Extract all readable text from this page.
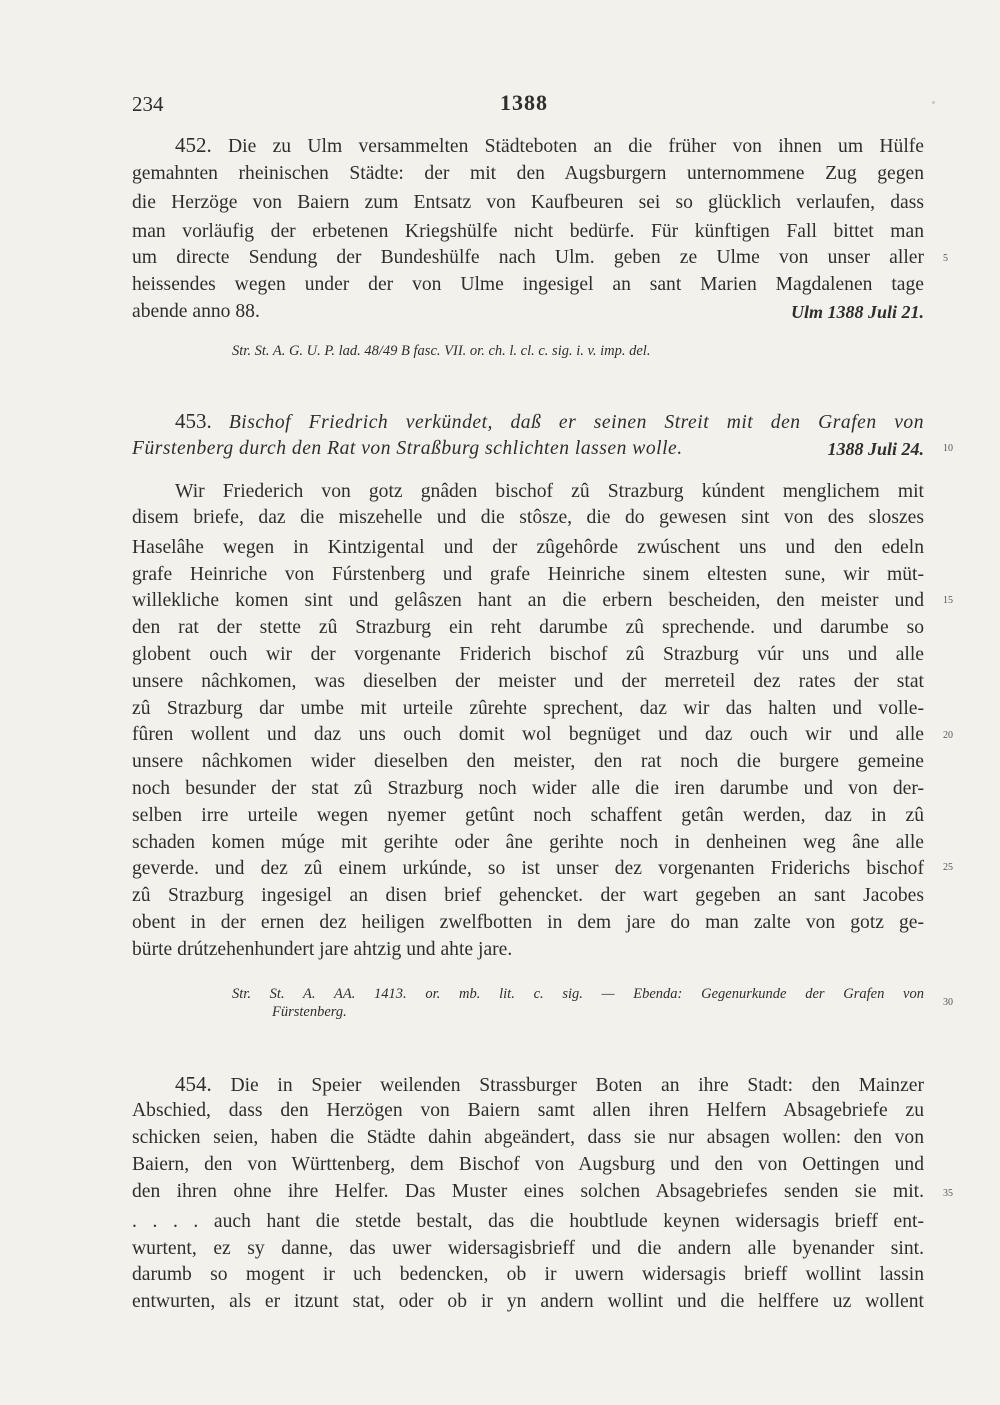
234	1388
452. Die zu Ulm versammelten Städteboten an die früher von ihnen um Hülfe
gemahnten rheinischen Städte: der mit den Augsburgern unternommene Zug gegen
die Herzöge von Baiern zum Entsatz von Kaufbeuren sei so glücklich verlaufen, dass
man vorläufig der erbetenen Kriegshülfe nicht bedürfe. Für künftigen Fall bittet man
um directe Sendung der Bundeshülfe nach Ulm. geben ze Ulme von unser aller
heissendes wegen under der von Ulme ingesigel an sant Marien Magdalenen tage
abende anno 88.	Ulm 1388 Juli 21.
Str. St. A. G. U. P. lad. 48/49 B fasc. VII. or. ch. l. cl. c. sig. i. v. imp. del.
453. Bischof Friedrich verkündet, daß er seinen Streit mit den Grafen von
Fürstenberg durch den Rat von Straßburg schlichten lassen wolle.	1388 Juli 24.
Wir Friederich von gotz gnâden bischof zû Strazburg kúndent menglichem mit
disem briefe, daz die miszehelle und die stôsze, die do gewesen sint von des sloszes
Haselâhe wegen in Kintzigental und der zûgehôrde zwúschent uns und den edeln
grafe Heinriche von Fúrstenberg und grafe Heinriche sinem eltesten sune, wir müt-
willekliche komen sint und gelâszen hant an die erbern bescheiden, den meister und
den rat der stette zû Strazburg ein reht darumbe zû sprechende. und darumbe so
globent ouch wir der vorgenante Friderich bischof zû Strazburg vúr uns und alle
unsere nâchkomen, was dieselben der meister und der merreteil dez rates der stat
zû Strazburg dar umbe mit urteile zûrehte sprechent, daz wir das halten und volle-
fûren wollent und daz uns ouch domit wol begnüget und daz ouch wir und alle
unsere nâchkomen wider dieselben den meister, den rat noch die burgere gemeine
noch besunder der stat zû Strazburg noch wider alle die iren darumbe und von der-
selben irre urteile wegen nyemer getûnt noch schaffent getân werden, daz in zû
schaden komen múge mit gerihte oder âne gerihte noch in denheinen weg âne alle
geverde. und dez zû einem urkúnde, so ist unser dez vorgenanten Friderichs bischof
zû Strazburg ingesigel an disen brief gehencket. der wart gegeben an sant Jacobes
obent in der ernen dez heiligen zwelfbotten in dem jare do man zalte von gotz ge-
bürte drútzehenhundert jare ahtzig und ahte jare.
Str. St. A. AA. 1413. or. mb. lit. c. sig. — Ebenda: Gegenurkunde der Grafen von
Fürstenberg.
454. Die in Speier weilenden Strassburger Boten an ihre Stadt: den Mainzer
Abschied, dass den Herzögen von Baiern samt allen ihren Helfern Absagebriefe zu
schicken seien, haben die Städte dahin abgeändert, dass sie nur absagen wollen: den von
Baiern, den von Württenberg, dem Bischof von Augsburg und den von Oettingen und
den ihren ohne ihre Helfer. Das Muster eines solchen Absagebriefes senden sie mit.
. . . . auch hant die stetde bestalt, das die houbtlude keynen widersagis brieff ent-
wurtent, ez sy danne, das uwer widersagisbrieff und die andern alle byenander sint.
darumb so mogent ir uch bedencken, ob ir uwern widersagis brieff wollint lassin
entwurten, als er itzunt stat, oder ob ir yn andern wollint und die helffere uz wollent
5
10
15
20
25
30
35
